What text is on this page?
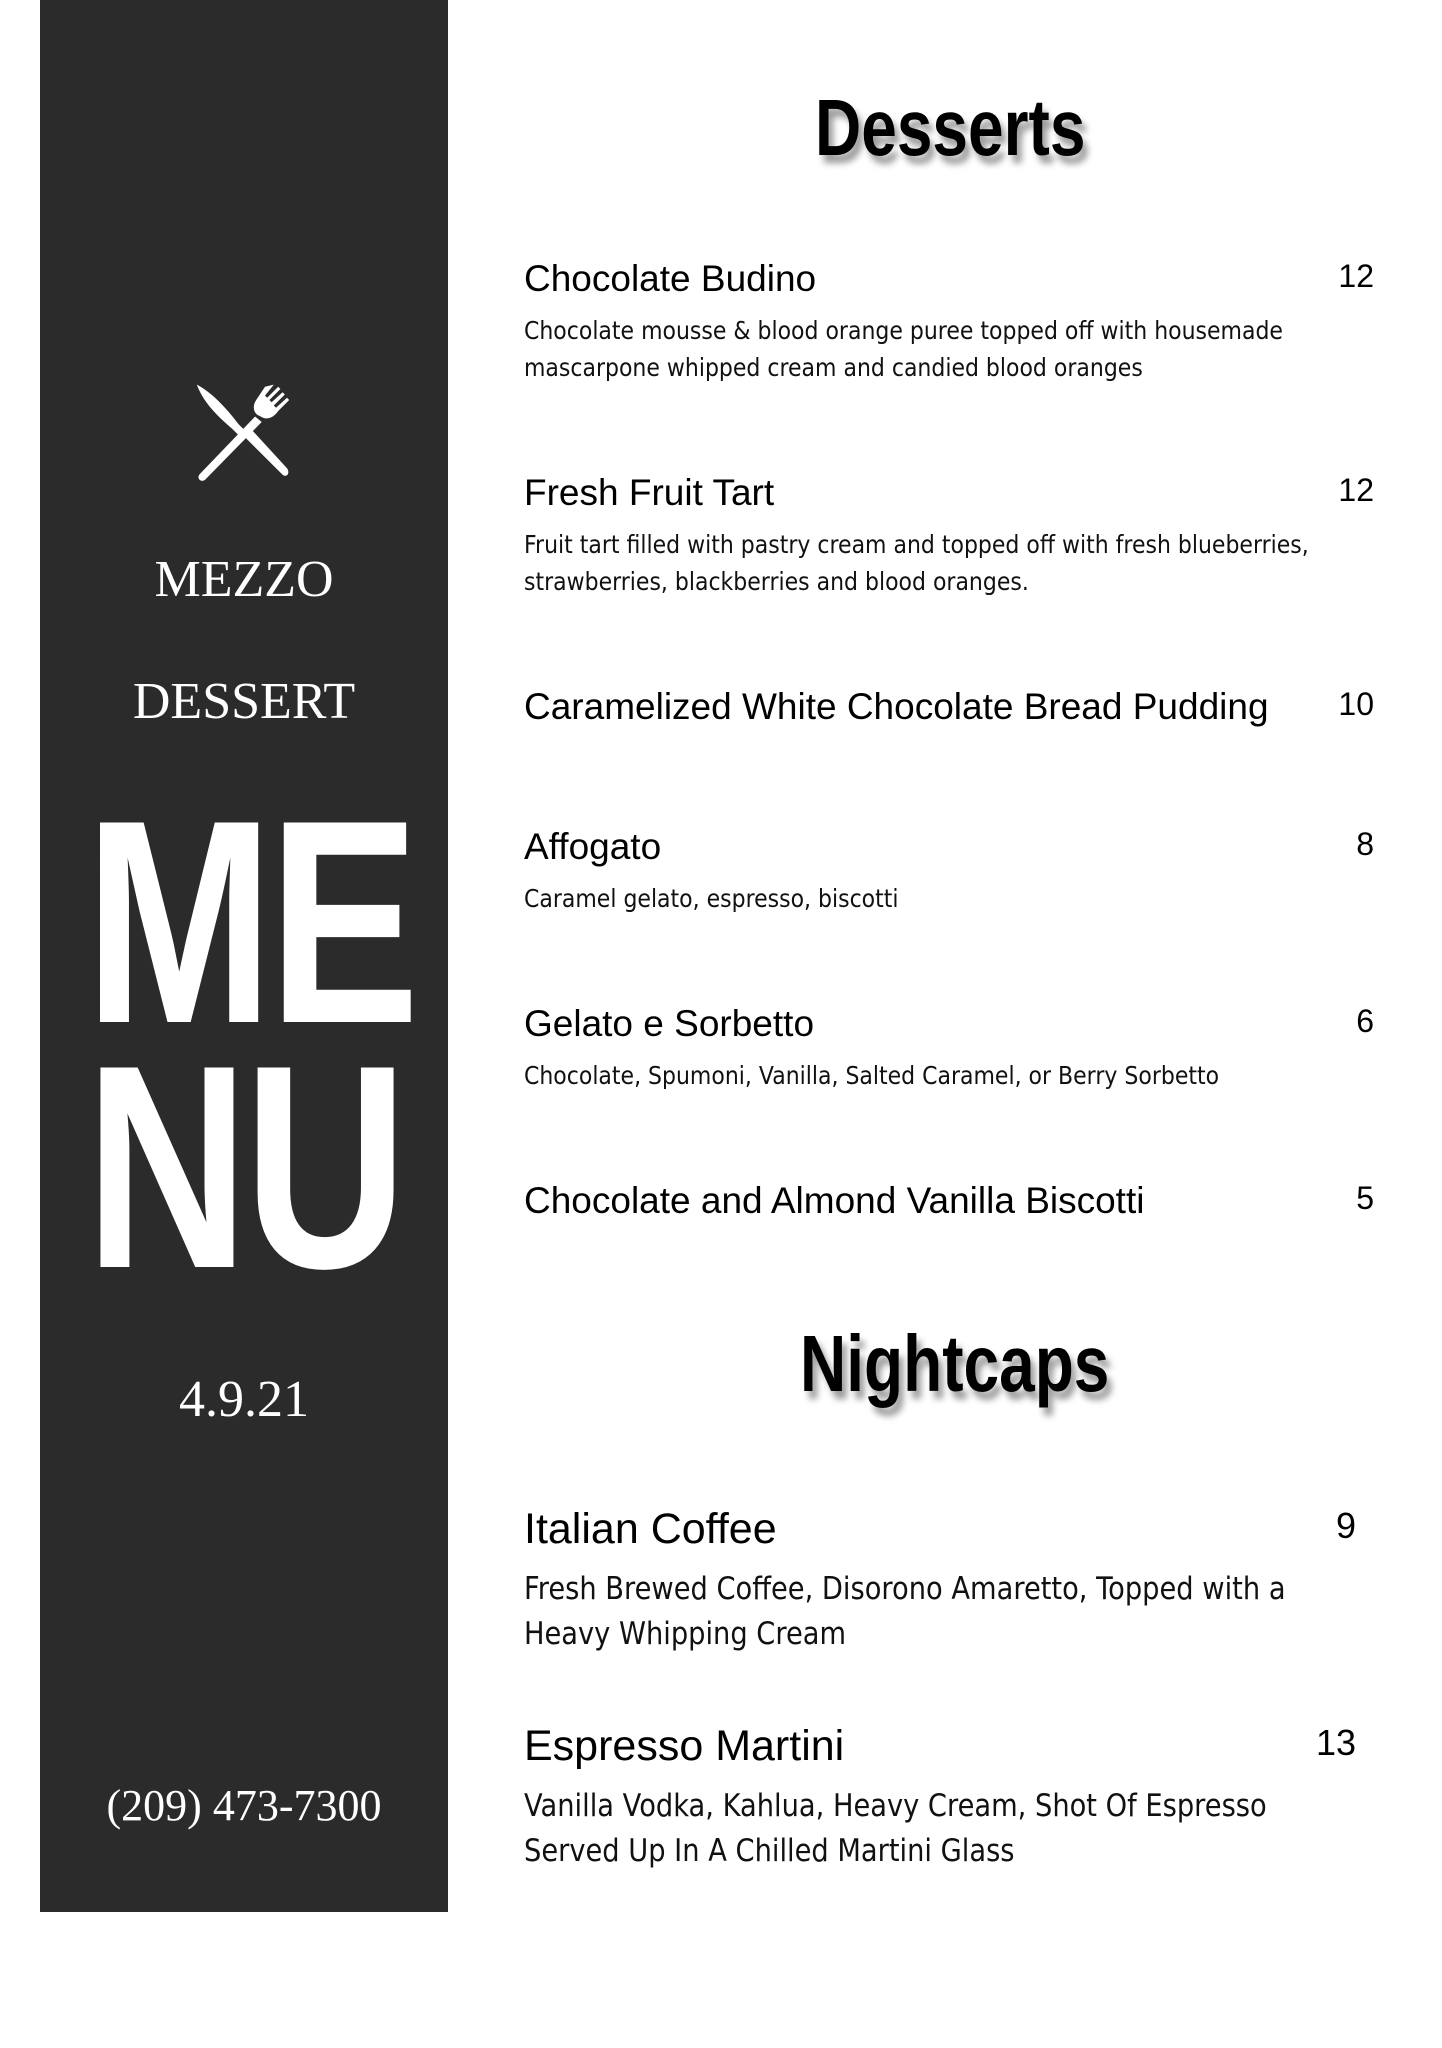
MEZZO
DESSERT
ME
NU
4.9.21
(209) 473-7300
Desserts
Chocolate Budino	12
Chocolate mousse & blood orange puree topped off with housemade mascarpone whipped cream and candied blood oranges
Fresh Fruit Tart	12
Fruit tart filled with pastry cream and topped off with fresh blueberries, strawberries, blackberries and blood oranges.
Caramelized White Chocolate Bread Pudding 10
Affogato	8
Caramel gelato, espresso, biscotti
Gelato e Sorbetto	6
Chocolate, Spumoni, Vanilla, Salted Caramel, or Berry Sorbetto
Chocolate and Almond Vanilla Biscotti	5
Nightcaps
Italian Coffee	9
Fresh Brewed Coffee, Disorono Amaretto, Topped with a Heavy Whipping Cream
Espresso Martini	13
Vanilla Vodka, Kahlua, Heavy Cream, Shot Of Espresso Served Up In A Chilled Martini Glass
